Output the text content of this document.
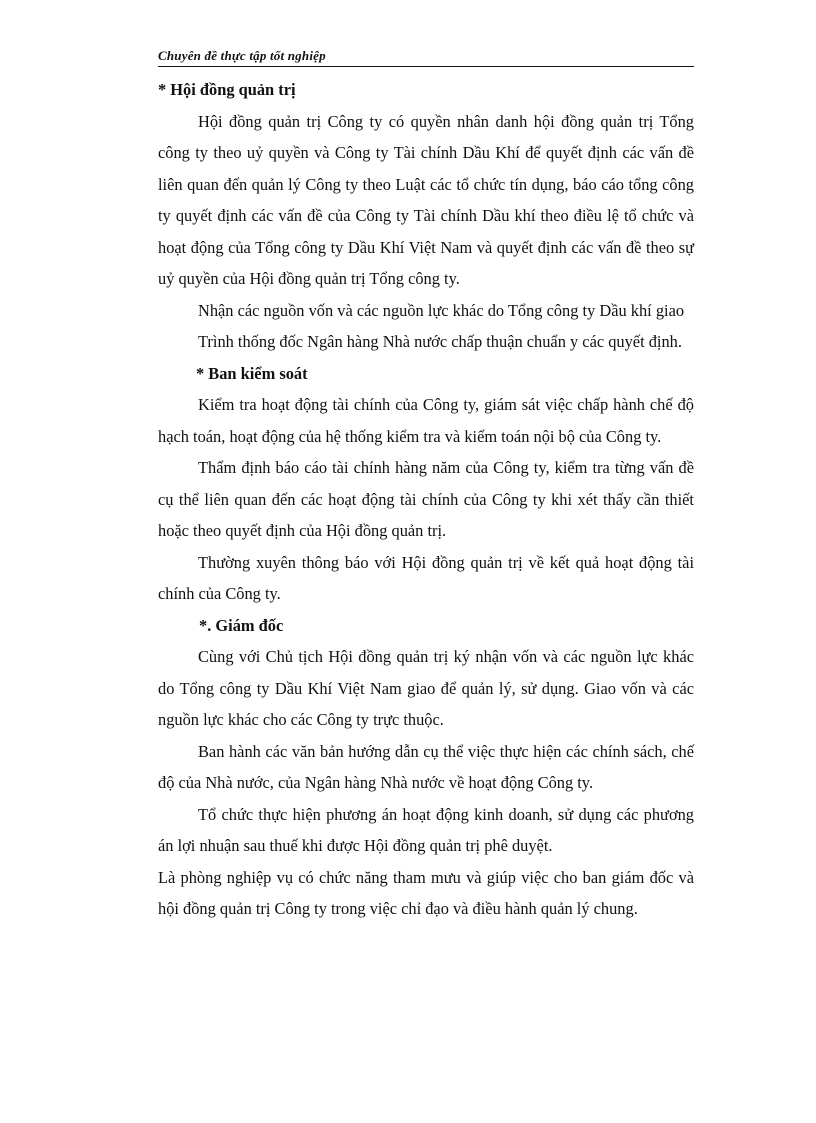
Chuyên đề thực tập tốt nghiệp

* Hội đồng quản trị

Hội đồng quản trị Công ty có quyền nhân danh hội đồng quản trị Tổng công ty theo uỷ quyền và Công ty Tài chính Dầu Khí để quyết định các vấn đề liên quan đến quản lý Công ty theo Luật các tổ chức tín dụng, báo cáo tổng công ty quyết định các vấn đề của Công ty Tài chính Dầu khí theo điều lệ tổ chức và hoạt động của Tổng công ty Dầu Khí Việt Nam và quyết định các vấn đề theo sự uỷ quyền của Hội đồng quản trị Tổng công ty.

Nhận các nguồn vốn và các nguồn lực khác do Tổng công ty Dầu khí giao

Trình thống đốc Ngân hàng Nhà nước chấp thuận chuẩn y các quyết định.

* Ban kiểm soát

Kiểm tra hoạt động tài chính của Công ty, giám sát việc chấp hành chế độ hạch toán, hoạt động của hệ thống kiểm tra và kiểm toán nội bộ của Công ty.

Thẩm định báo cáo tài chính hàng năm của Công ty, kiểm tra từng vấn đề cụ thể liên quan đến các hoạt động tài chính của Công ty khi xét thấy cần thiết hoặc theo quyết định của Hội đồng quản trị.

Thường xuyên thông báo với Hội đồng quản trị về kết quả hoạt động tài chính của Công ty.

*. Giám đốc

Cùng với Chủ tịch Hội đồng quản trị ký nhận vốn và các nguồn lực khác do Tổng công ty Dầu Khí Việt Nam giao để quản lý, sử dụng. Giao vốn và các nguồn lực khác cho các Công ty trực thuộc.

Ban hành các văn bản hướng dẫn cụ thể việc thực hiện các chính sách, chế độ của Nhà nước, của Ngân hàng Nhà nước về hoạt động Công ty.

Tổ chức thực hiện phương án hoạt động kinh doanh, sử dụng các phương án lợi nhuận sau thuế khi được Hội đồng quản trị phê duyệt.

Là phòng nghiệp vụ có chức năng tham mưu và giúp việc cho ban giám đốc và hội đồng quản trị Công ty trong việc chỉ đạo và điều hành quản lý chung.
